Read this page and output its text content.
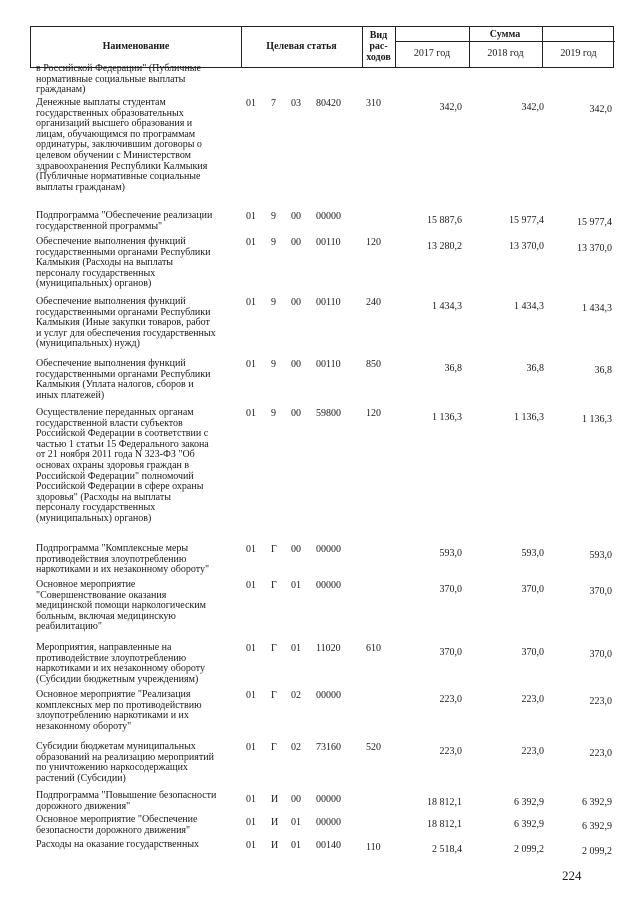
Наименование	Целевая статья
Вид
рас-
ходов
Сумма
2017 год	2018 год	2019 год
в Российской Федерации" (Публичные
нормативные социальные выплаты
гражданам)
Денежные выплаты студентам
государственных образовательных
организаций высшего образования и
лицам, обучающимся по программам
ординатуры, заключившим договоры о
целевом обучении с Министерством
здравоохранения Республики Калмыкия
(Публичные нормативные социальные
выплаты гражданам)
01 7 03 80420	310	342,0	342,0	342,0
Подпрограмма "Обеспечение реализации
государственной программы"
01 9 00 00000	15 887,6	15 977,4	15 977,4
Обеспечение выполнения функций
государственными органами Республики
Калмыкия (Расходы на выплаты
персоналу государственных
(муниципальных) органов)
01 9 00 00110	120	13 280,2	13 370,0	13 370,0
Обеспечение выполнения функций
государственными органами Республики
Калмыкия (Иные закупки товаров, работ
и услуг для обеспечения государственных
(муниципальных) нужд)
01 9 00 00110	240	1 434,3	1 434,3	1 434,3
Обеспечение выполнения функций
государственными органами Республики
Калмыкия (Уплата налогов, сборов и
иных платежей)
01 9 00 00110	850	36,8	36,8	36,8
Осуществление переданных органам
государственной власти субъектов
Российской Федерации в соответствии с
частью 1 статьи 15 Федерального закона
от 21 ноября 2011 года N 323-ФЗ "Об
основах охраны здоровья граждан в
Российской Федерации" полномочий
Российской Федерации в сфере охраны
здоровья" (Расходы на выплаты
персоналу государственных
(муниципальных) органов)
01 9 00 59800	120	1 136,3	1 136,3	1 136,3
Подпрограмма "Комплексные меры
противодействия злоупотреблению
наркотиками и их незаконному обороту"
01 Г 00 00000	593,0	593,0	593,0
Основное мероприятие
"Совершенствование оказания
медицинской помощи наркологическим
больным, включая медицинскую
реабилитацию"
01 Г 01 00000	370,0	370,0	370,0
Мероприятия, направленные на
противодействие злоупотреблению
наркотиками и их незаконному обороту
(Субсидии бюджетным учреждениям)
01 Г 01 11020	610	370,0	370,0	370,0
Основное мероприятие "Реализация
комплексных мер по противодействию
злоупотреблению наркотиками и их
незаконному обороту"
01 Г 02 00000	223,0	223,0	223,0
Субсидии бюджетам муниципальных
образований на реализацию мероприятий
по уничтожению наркосодержащих
растений (Субсидии)
01 Г 02 73160	520	223,0	223,0	223,0
Подпрограмма "Повышение безопасности
дорожного движения"
01 И 00 00000	18 812,1	6 392,9	6 392,9
Основное мероприятие "Обеспечение
безопасности дорожного движения"
01 И 01 00000	18 812,1	6 392,9	6 392,9
Расходы на оказание государственных	01 И 01 00140	110	2 518,4	2 099,2	2 099,2
224
